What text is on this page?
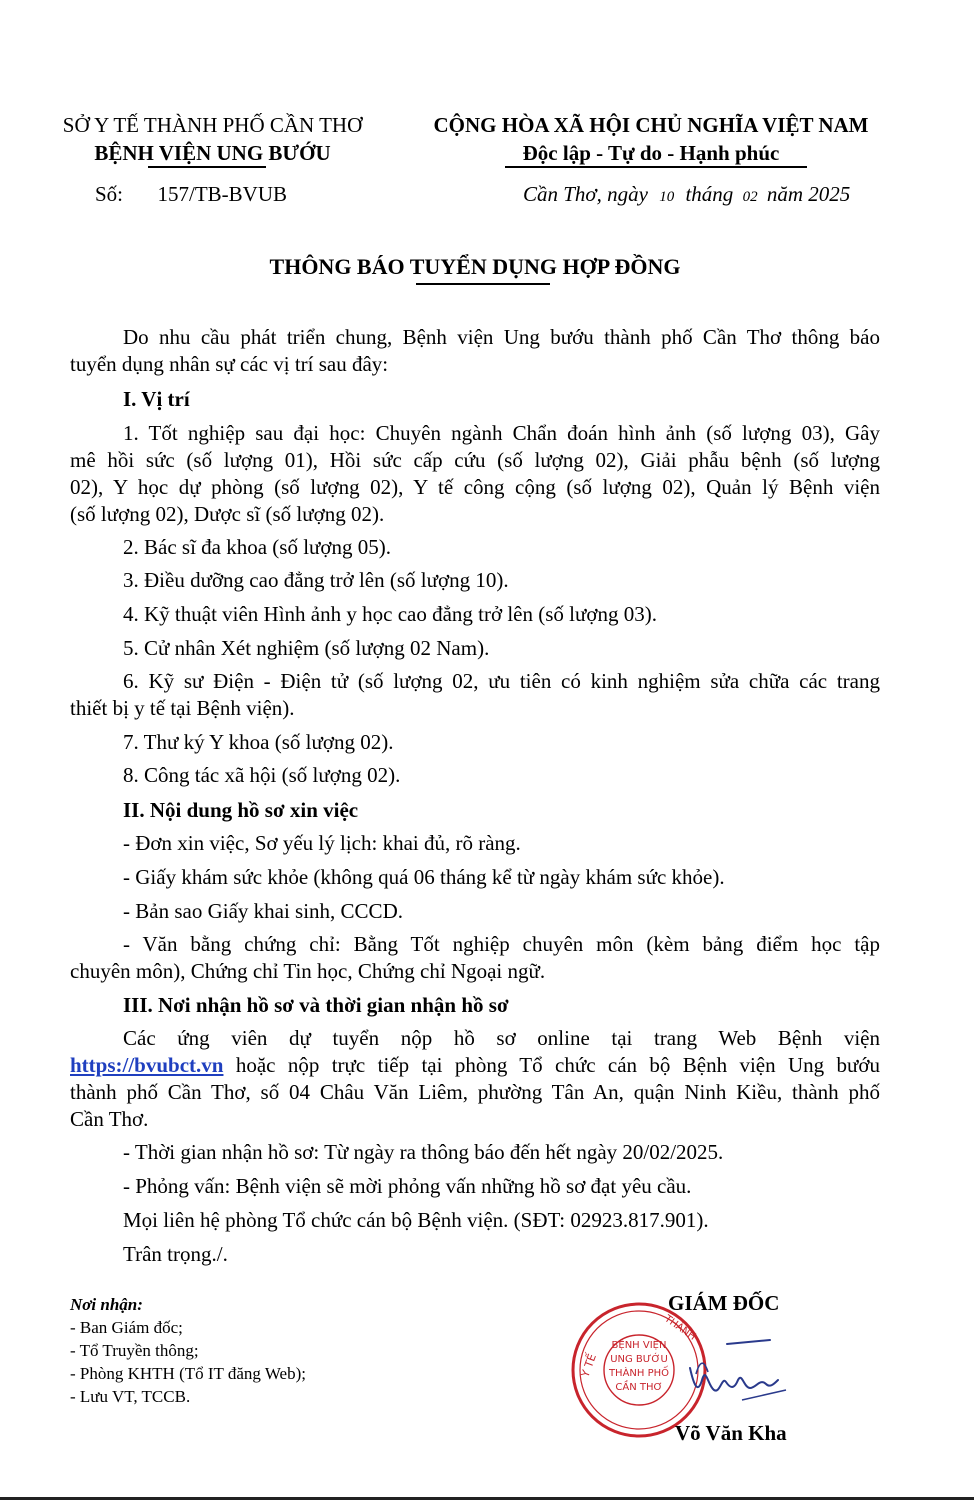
SỞ Y TẾ THÀNH PHỐ CẦN THƠ
BỆNH VIỆN UNG BƯỚU
CỘNG HÒA XÃ HỘI CHỦ NGHĨA VIỆT NAM
Độc lập - Tự do - Hạnh phúc
Số: 157/TB-BVUB	Cần Thơ, ngày 10 tháng 02 năm 2025
THÔNG BÁO TUYỂN DỤNG HỢP ĐỒNG
Do nhu cầu phát triển chung, Bệnh viện Ung bướu thành phố Cần Thơ thông báo
tuyển dụng nhân sự các vị trí sau đây:
I. Vị trí
1. Tốt nghiệp sau đại học: Chuyên ngành Chẩn đoán hình ảnh (số lượng 03), Gây
mê hồi sức (số lượng 01), Hồi sức cấp cứu (số lượng 02), Giải phẫu bệnh (số lượng
02), Y học dự phòng (số lượng 02), Y tế công cộng (số lượng 02), Quản lý Bệnh viện
(số lượng 02), Dược sĩ (số lượng 02).
2. Bác sĩ đa khoa (số lượng 05).
3. Điều dưỡng cao đẳng trở lên (số lượng 10).
4. Kỹ thuật viên Hình ảnh y học cao đẳng trở lên (số lượng 03).
5. Cử nhân Xét nghiệm (số lượng 02 Nam).
6. Kỹ sư Điện - Điện tử (số lượng 02, ưu tiên có kinh nghiệm sửa chữa các trang
thiết bị y tế tại Bệnh viện).
7. Thư ký Y khoa (số lượng 02).
8. Công tác xã hội (số lượng 02).
II. Nội dung hồ sơ xin việc
- Đơn xin việc, Sơ yếu lý lịch: khai đủ, rõ ràng.
- Giấy khám sức khỏe (không quá 06 tháng kể từ ngày khám sức khỏe).
- Bản sao Giấy khai sinh, CCCD.
- Văn bằng chứng chỉ: Bằng Tốt nghiệp chuyên môn (kèm bảng điểm học tập
chuyên môn), Chứng chỉ Tin học, Chứng chỉ Ngoại ngữ.
III. Nơi nhận hồ sơ và thời gian nhận hồ sơ
Các ứng viên dự tuyển nộp hồ sơ online tại trang Web Bệnh viện
https://bvubct.vn hoặc nộp trực tiếp tại phòng Tổ chức cán bộ Bệnh viện Ung bướu
thành phố Cần Thơ, số 04 Châu Văn Liêm, phường Tân An, quận Ninh Kiều, thành phố
Cần Thơ.
- Thời gian nhận hồ sơ: Từ ngày ra thông báo đến hết ngày 20/02/2025.
- Phỏng vấn: Bệnh viện sẽ mời phỏng vấn những hồ sơ đạt yêu cầu.
Mọi liên hệ phòng Tổ chức cán bộ Bệnh viện. (SĐT: 02923.817.901).
Trân trọng./.
Nơi nhận:
- Ban Giám đốc;
- Tổ Truyền thông;
- Phòng KHTH (Tổ IT đăng Web);
- Lưu VT, TCCB.
GIÁM ĐỐC
BỆNH VIỆN
UNG BƯỚU
THÀNH PHỐ
CẦN THƠ
Y TẾ
THÀNH
Võ Văn Kha
